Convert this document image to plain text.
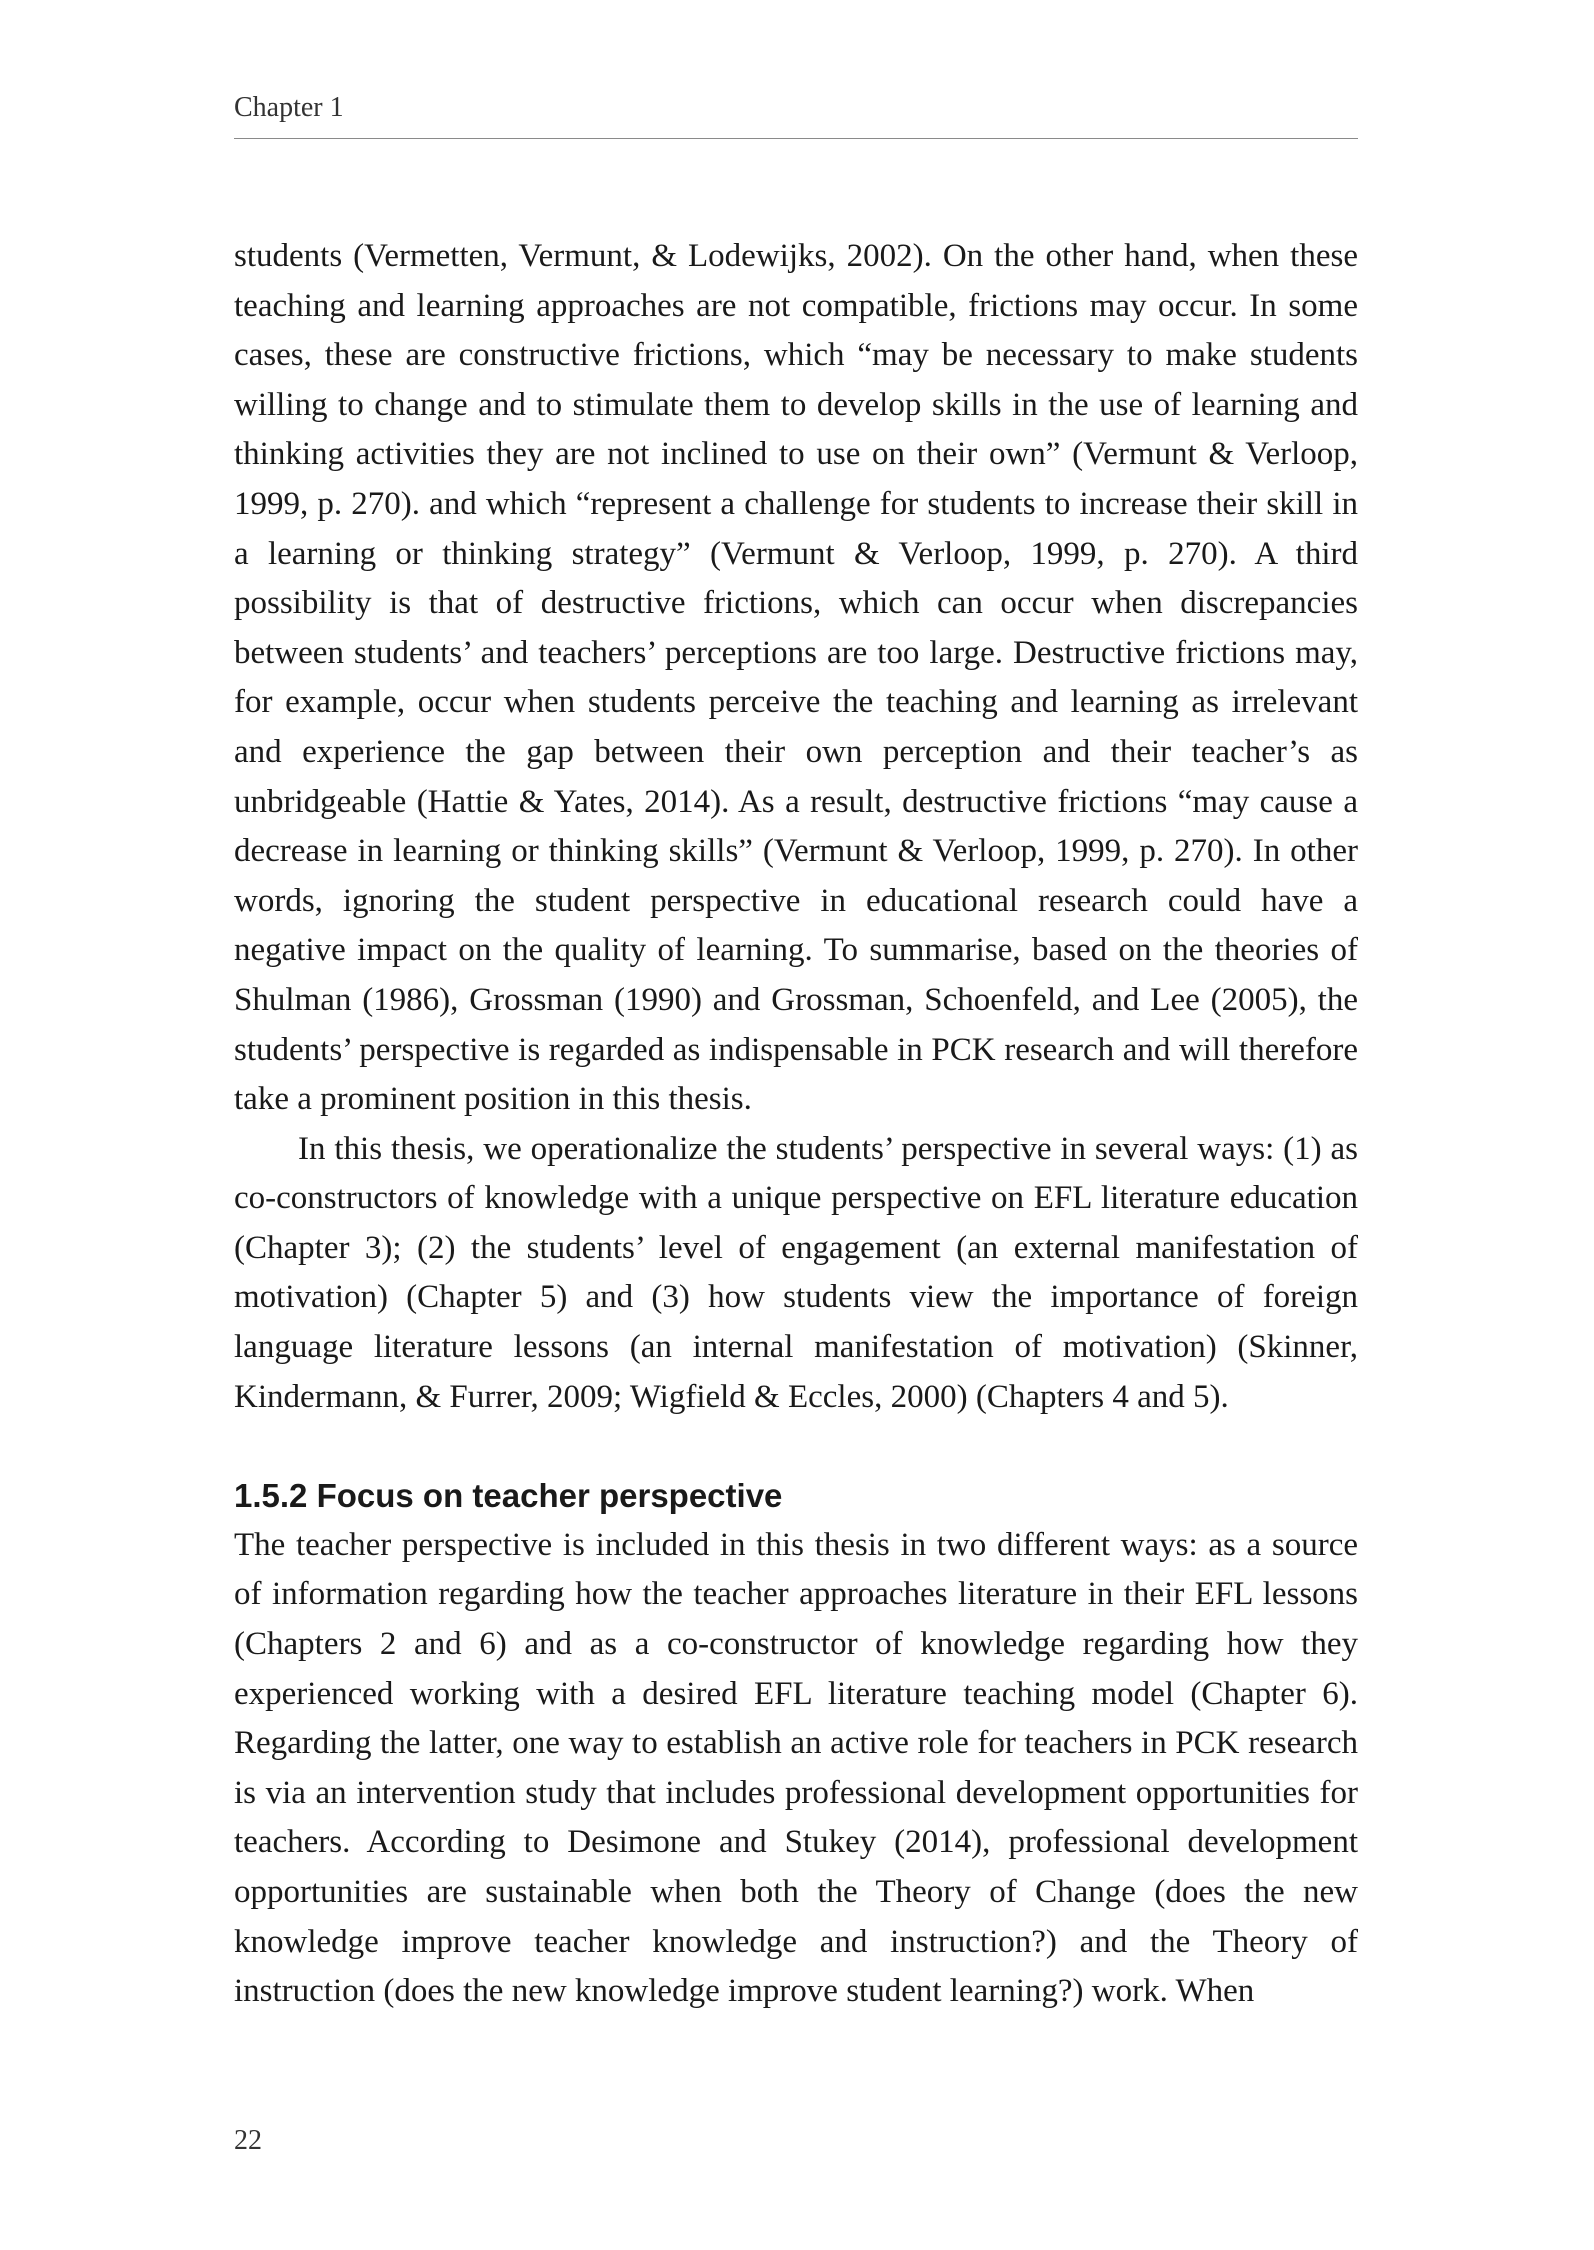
Chapter 1

students (Vermetten, Vermunt, & Lodewijks, 2002). On the other hand, when these teaching and learning approaches are not compatible, frictions may occur. In some cases, these are constructive frictions, which “may be necessary to make students willing to change and to stimulate them to develop skills in the use of learning and thinking activities they are not inclined to use on their own” (Vermunt & Verloop, 1999, p. 270). and which “represent a challenge for students to increase their skill in a learning or thinking strategy” (Vermunt & Verloop, 1999, p. 270). A third possibility is that of destructive frictions, which can occur when discrepancies between students’ and teachers’ perceptions are too large. Destructive frictions may, for example, occur when students perceive the teaching and learning as irrelevant and experience the gap between their own perception and their teacher’s as unbridgeable (Hattie & Yates, 2014). As a result, destructive frictions “may cause a decrease in learning or thinking skills” (Vermunt & Verloop, 1999, p. 270). In other words, ignoring the student perspective in educational research could have a negative impact on the quality of learning. To summarise, based on the theories of Shulman (1986), Grossman (1990) and Grossman, Schoenfeld, and Lee (2005), the students’ perspective is regarded as indispensable in PCK research and will therefore take a prominent position in this thesis.

In this thesis, we operationalize the students’ perspective in several ways: (1) as co-constructors of knowledge with a unique perspective on EFL literature education (Chapter 3); (2) the students’ level of engagement (an external manifestation of motivation) (Chapter 5) and (3) how students view the importance of foreign language literature lessons (an internal manifestation of motivation) (Skinner, Kindermann, & Furrer, 2009; Wigfield & Eccles, 2000) (Chapters 4 and 5).

1.5.2 Focus on teacher perspective

The teacher perspective is included in this thesis in two different ways: as a source of information regarding how the teacher approaches literature in their EFL lessons (Chapters 2 and 6) and as a co-constructor of knowledge regarding how they experienced working with a desired EFL literature teaching model (Chapter 6). Regarding the latter, one way to establish an active role for teachers in PCK research is via an intervention study that includes professional development opportunities for teachers. According to Desimone and Stukey (2014), professional development opportunities are sustainable when both the Theory of Change (does the new knowledge improve teacher knowledge and instruction?) and the Theory of instruction (does the new knowledge improve student learning?) work. When

22
